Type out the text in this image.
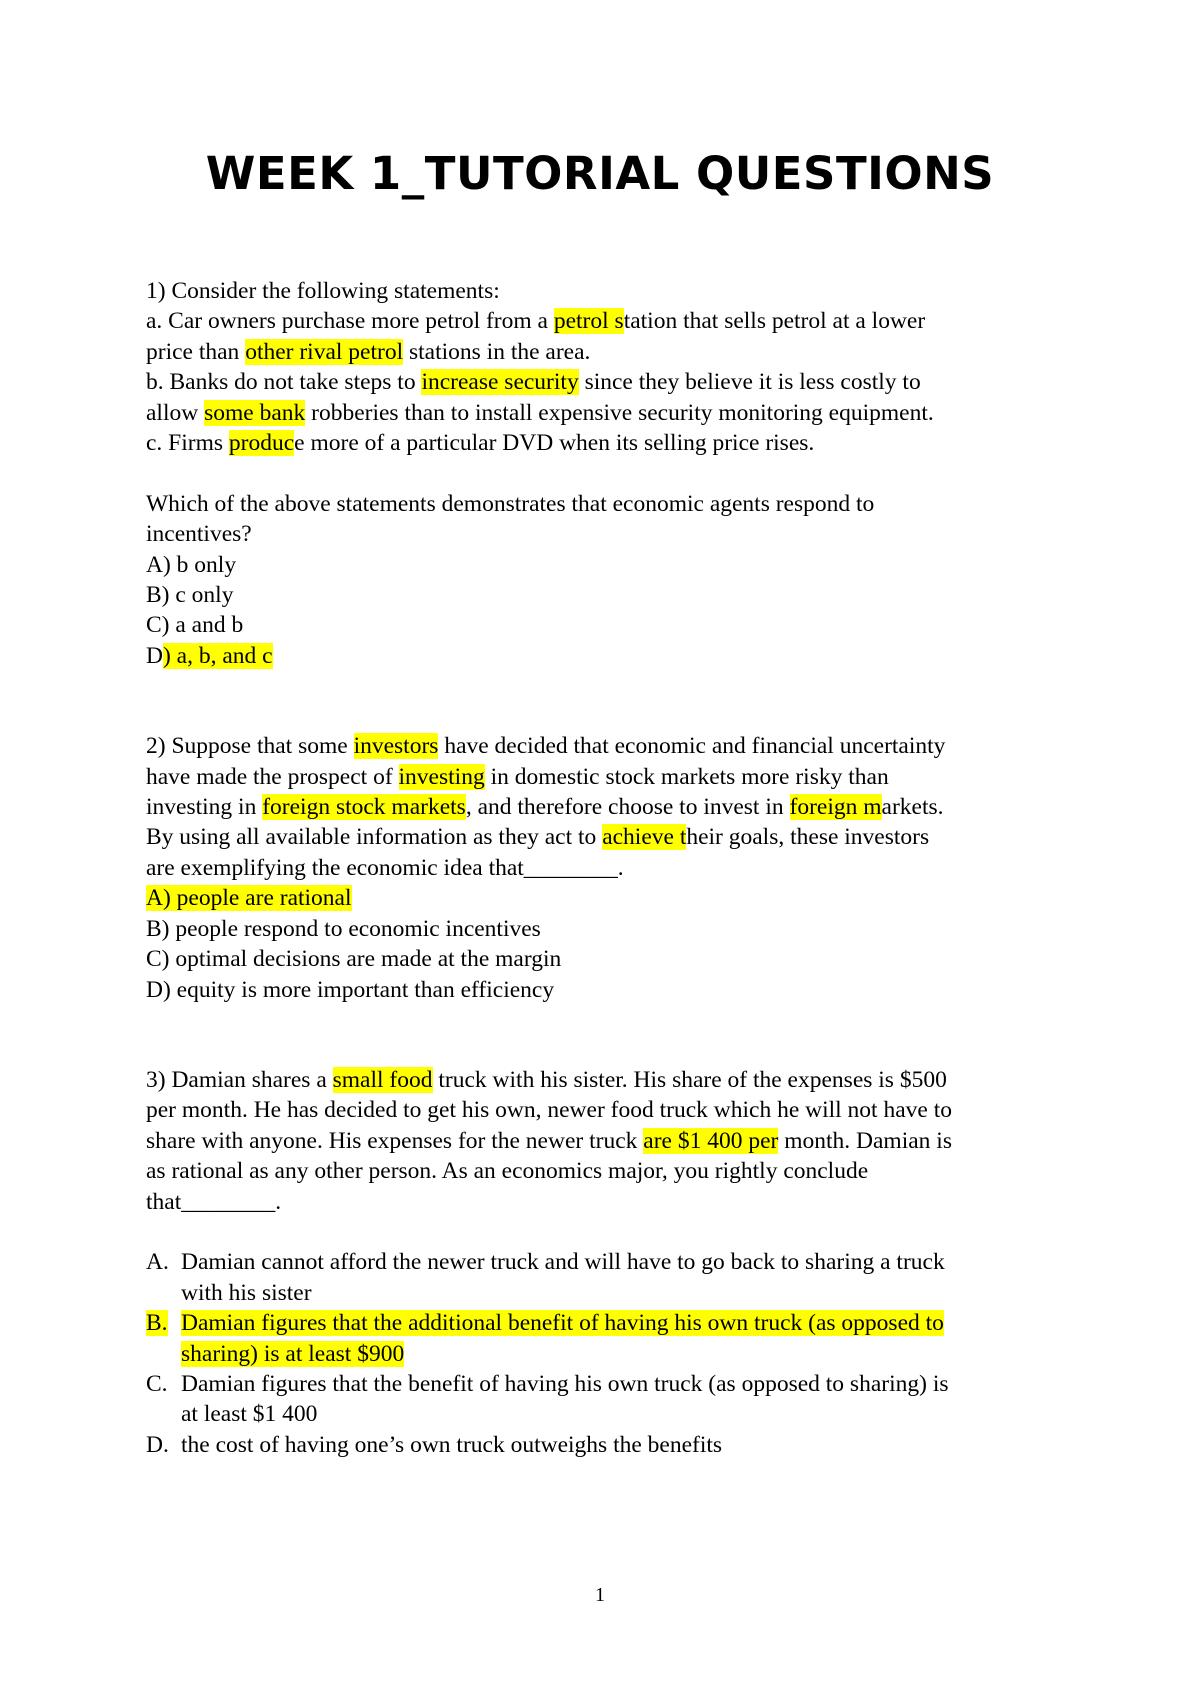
WEEK 1_TUTORIAL QUESTIONS

1) Consider the following statements:

a. Car owners purchase more petrol from a petrol station that sells petrol at a lower

price than other rival petrol stations in the area.

b. Banks do not take steps to increase security since they believe it is less costly to

allow some bank robberies than to install expensive security monitoring equipment.

c. Firms produce more of a particular DVD when its selling price rises.

Which of the above statements demonstrates that economic agents respond to

incentives?

A) b only

B) c only

C) a and b

D) a, b, and c

2) Suppose that some investors have decided that economic and financial uncertainty

have made the prospect of investing in domestic stock markets more risky than

investing in foreign stock markets, and therefore choose to invest in foreign markets.

By using all available information as they act to achieve their goals, these investors

are exemplifying the economic idea that________.

A) people are rational

B) people respond to economic incentives

C) optimal decisions are made at the margin

D) equity is more important than efficiency

3) Damian shares a small food truck with his sister. His share of the expenses is $500

per month. He has decided to get his own, newer food truck which he will not have to

share with anyone. His expenses for the newer truck are $1 400 per month. Damian is

as rational as any other person. As an economics major, you rightly conclude

that________.

A. Damian cannot afford the newer truck and will have to go back to sharing a truck
with his sister
B. Damian figures that the additional benefit of having his own truck (as opposed to
sharing) is at least $900
C. Damian figures that the benefit of having his own truck (as opposed to sharing) is
at least $1 400
D. the cost of having one’s own truck outweighs the benefits
1
